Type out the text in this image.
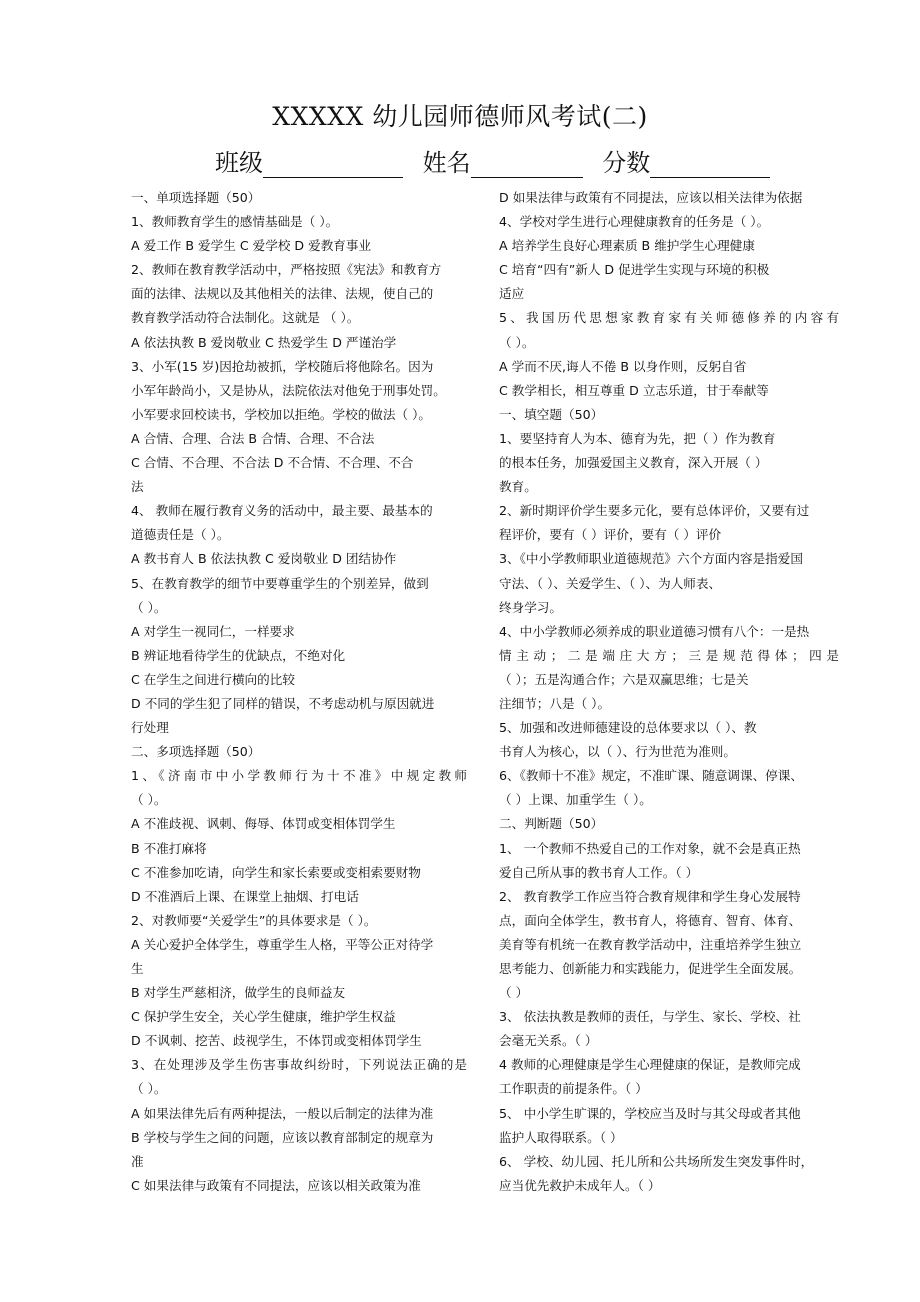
XXXXX 幼儿园师德师风考试(二)
班级	姓名	分数
一、单项选择题（50）
1、教师教育学生的感情基础是（ ）。
A 爱工作 B 爱学生 C 爱学校 D 爱教育事业
2、教师在教育教学活动中，严格按照《宪法》和教育方
面的法律、法规以及其他相关的法律、法规，使自己的
教育教学活动符合法制化。这就是 （ ）。
A 依法执教 B 爱岗敬业 C 热爱学生 D 严谨治学
3、小军(15 岁)因抢劫被抓，学校随后将他除名。因为
小军年龄尚小，又是协从，法院依法对他免于刑事处罚。
小军要求回校读书，学校加以拒绝。学校的做法（ ）。
A 合情、合理、合法 B 合情、合理、不合法
C 合情、不合理、不合法 D 不合情、不合理、不合
法
4、 教师在履行教育义务的活动中，最主要、最基本的
道德责任是（ ）。
A 教书育人 B 依法执教 C 爱岗敬业 D 团结协作
5、在教育教学的细节中要尊重学生的个别差异，做到
（ ）。
A 对学生一视同仁，一样要求
B 辨证地看待学生的优缺点，不绝对化
C 在学生之间进行横向的比较
D 不同的学生犯了同样的错误，不考虑动机与原因就进
行处理
二、多项选择题（50）
1、《济南市中小学教师行为十不准》中规定教师
（ ）。
A 不准歧视、讽刺、侮辱、体罚或变相体罚学生
B 不准打麻将
C 不准参加吃请，向学生和家长索要或变相索要财物
D 不准酒后上课、在课堂上抽烟、打电话
2、对教师要“关爱学生”的具体要求是（ ）。
A 关心爱护全体学生，尊重学生人格，平等公正对待学
生
B 对学生严慈相济，做学生的良师益友
C 保护学生安全，关心学生健康，维护学生权益
D 不讽刺、挖苦、歧视学生，不体罚或变相体罚学生
3、在处理涉及学生伤害事故纠纷时，下列说法正确的是
（ ）。
A 如果法律先后有两种提法，一般以后制定的法律为准
B 学校与学生之间的问题，应该以教育部制定的规章为
准
C 如果法律与政策有不同提法，应该以相关政策为准
D 如果法律与政策有不同提法，应该以相关法律为依据
4、学校对学生进行心理健康教育的任务是（ ）。
A 培养学生良好心理素质 B 维护学生心理健康
C 培育“四有”新人 D 促进学生实现与环境的积极
适应
5、我国历代思想家教育家有关师德修养的内容有
（ ）。
A 学而不厌,诲人不倦 B 以身作则，反躬自省
C 教学相长，相互尊重 D 立志乐道，甘于奉献等
一、填空题（50）
1、要坚持育人为本、德育为先，把（ ）作为教育
的根本任务，加强爱国主义教育，深入开展（ ）
教育。
2、新时期评价学生要多元化，要有总体评价，又要有过
程评价，要有（ ）评价，要有（ ）评价
3、《中小学教师职业道德规范》六个方面内容是指爱国
守法、（ ）、关爱学生、（ ）、为人师表、
终身学习。
4、中小学教师必须养成的职业道德习惯有八个：一是热
情主动；二是端庄大方；三是规范得体；四是
（ ）；五是沟通合作；六是双赢思维；七是关
注细节；八是（ ）。
5、加强和改进师德建设的总体要求以（ ）、教
书育人为核心，以（ ）、行为世范为准则。
6、《教师十不准》规定，不准旷课、随意调课、停课、
（ ）上课、加重学生（ ）。
二、判断题（50）
1、 一个教师不热爱自己的工作对象，就不会是真正热
爱自己所从事的教书育人工作。（ ）
2、 教育教学工作应当符合教育规律和学生身心发展特
点，面向全体学生，教书育人，将德育、智育、体育、
美育等有机统一在教育教学活动中，注重培养学生独立
思考能力、创新能力和实践能力，促进学生全面发展。
（ ）
3、 依法执教是教师的责任，与学生、家长、学校、社
会毫无关系。（ ）
4 教师的心理健康是学生心理健康的保证，是教师完成
工作职责的前提条件。（ ）
5、 中小学生旷课的，学校应当及时与其父母或者其他
监护人取得联系。（ ）
6、 学校、幼儿园、托儿所和公共场所发生突发事件时，
应当优先救护未成年人。（ ）
